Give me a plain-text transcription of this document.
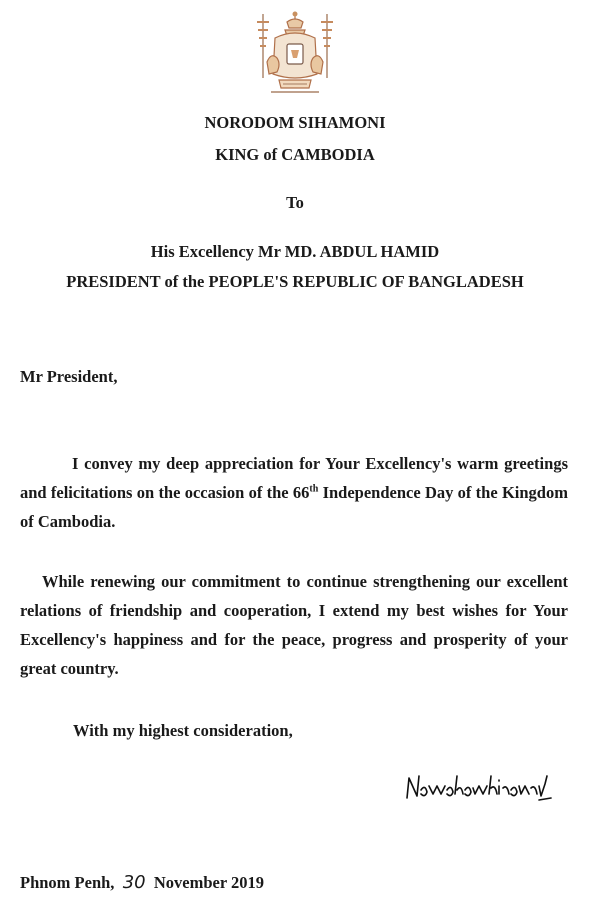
NORODOM SIHAMONI
KING of CAMBODIA
To
His Excellency Mr MD. ABDUL HAMID
PRESIDENT of the PEOPLE'S REPUBLIC OF BANGLADESH
Mr President,

I convey my deep appreciation for Your Excellency's warm greetings and felicitations on the occasion of the 66th Independence Day of the Kingdom of Cambodia.

While renewing our commitment to continue strengthening our excellent relations of friendship and cooperation, I extend my best wishes for Your Excellency's happiness and for the peace, progress and prosperity of your great country.

With my highest consideration,
Phnom Penh, 30 November 2019
